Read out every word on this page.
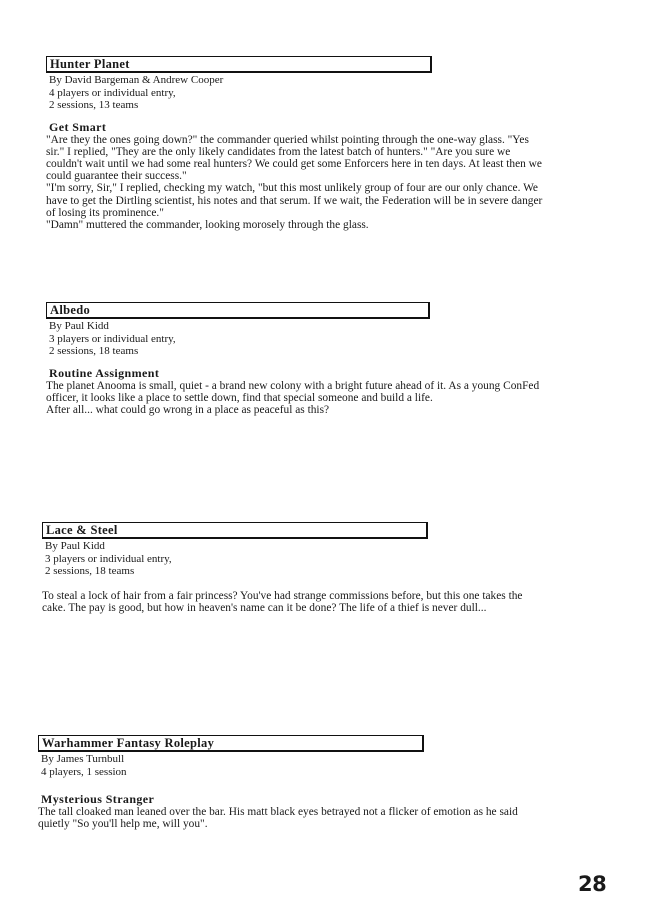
Hunter Planet
By David Bargeman & Andrew Cooper
4 players or individual entry,
2 sessions, 13 teams
Get Smart

"Are they the ones going down?" the commander queried whilst pointing through the one-way glass. "Yes sir." I replied, "They are the only likely candidates from the latest batch of hunters." "Are you sure we couldn't wait until we had some real hunters? We could get some Enforcers here in ten days. At least then we could guarantee their success."

"I'm sorry, Sir," I replied, checking my watch, "but this most unlikely group of four are our only chance. We have to get the Dirtling scientist, his notes and that serum. If we wait, the Federation will be in severe danger of losing its prominence."

"Damn" muttered the commander, looking morosely through the glass.

Albedo
By Paul Kidd
3 players or individual entry,
2 sessions, 18 teams
Routine Assignment

The planet Anooma is small, quiet - a brand new colony with a bright future ahead of it. As a young ConFed officer, it looks like a place to settle down, find that special someone and build a life.

After all... what could go wrong in a place as peaceful as this?

Lace & Steel
By Paul Kidd
3 players or individual entry,
2 sessions, 18 teams

To steal a lock of hair from a fair princess? You've had strange commissions before, but this one takes the cake. The pay is good, but how in heaven's name can it be done? The life of a thief is never dull...

Warhammer Fantasy Roleplay
By James Turnbull
4 players, 1 session
Mysterious Stranger

The tall cloaked man leaned over the bar. His matt black eyes betrayed not a flicker of emotion as he said quietly "So you'll help me, will you".

28
